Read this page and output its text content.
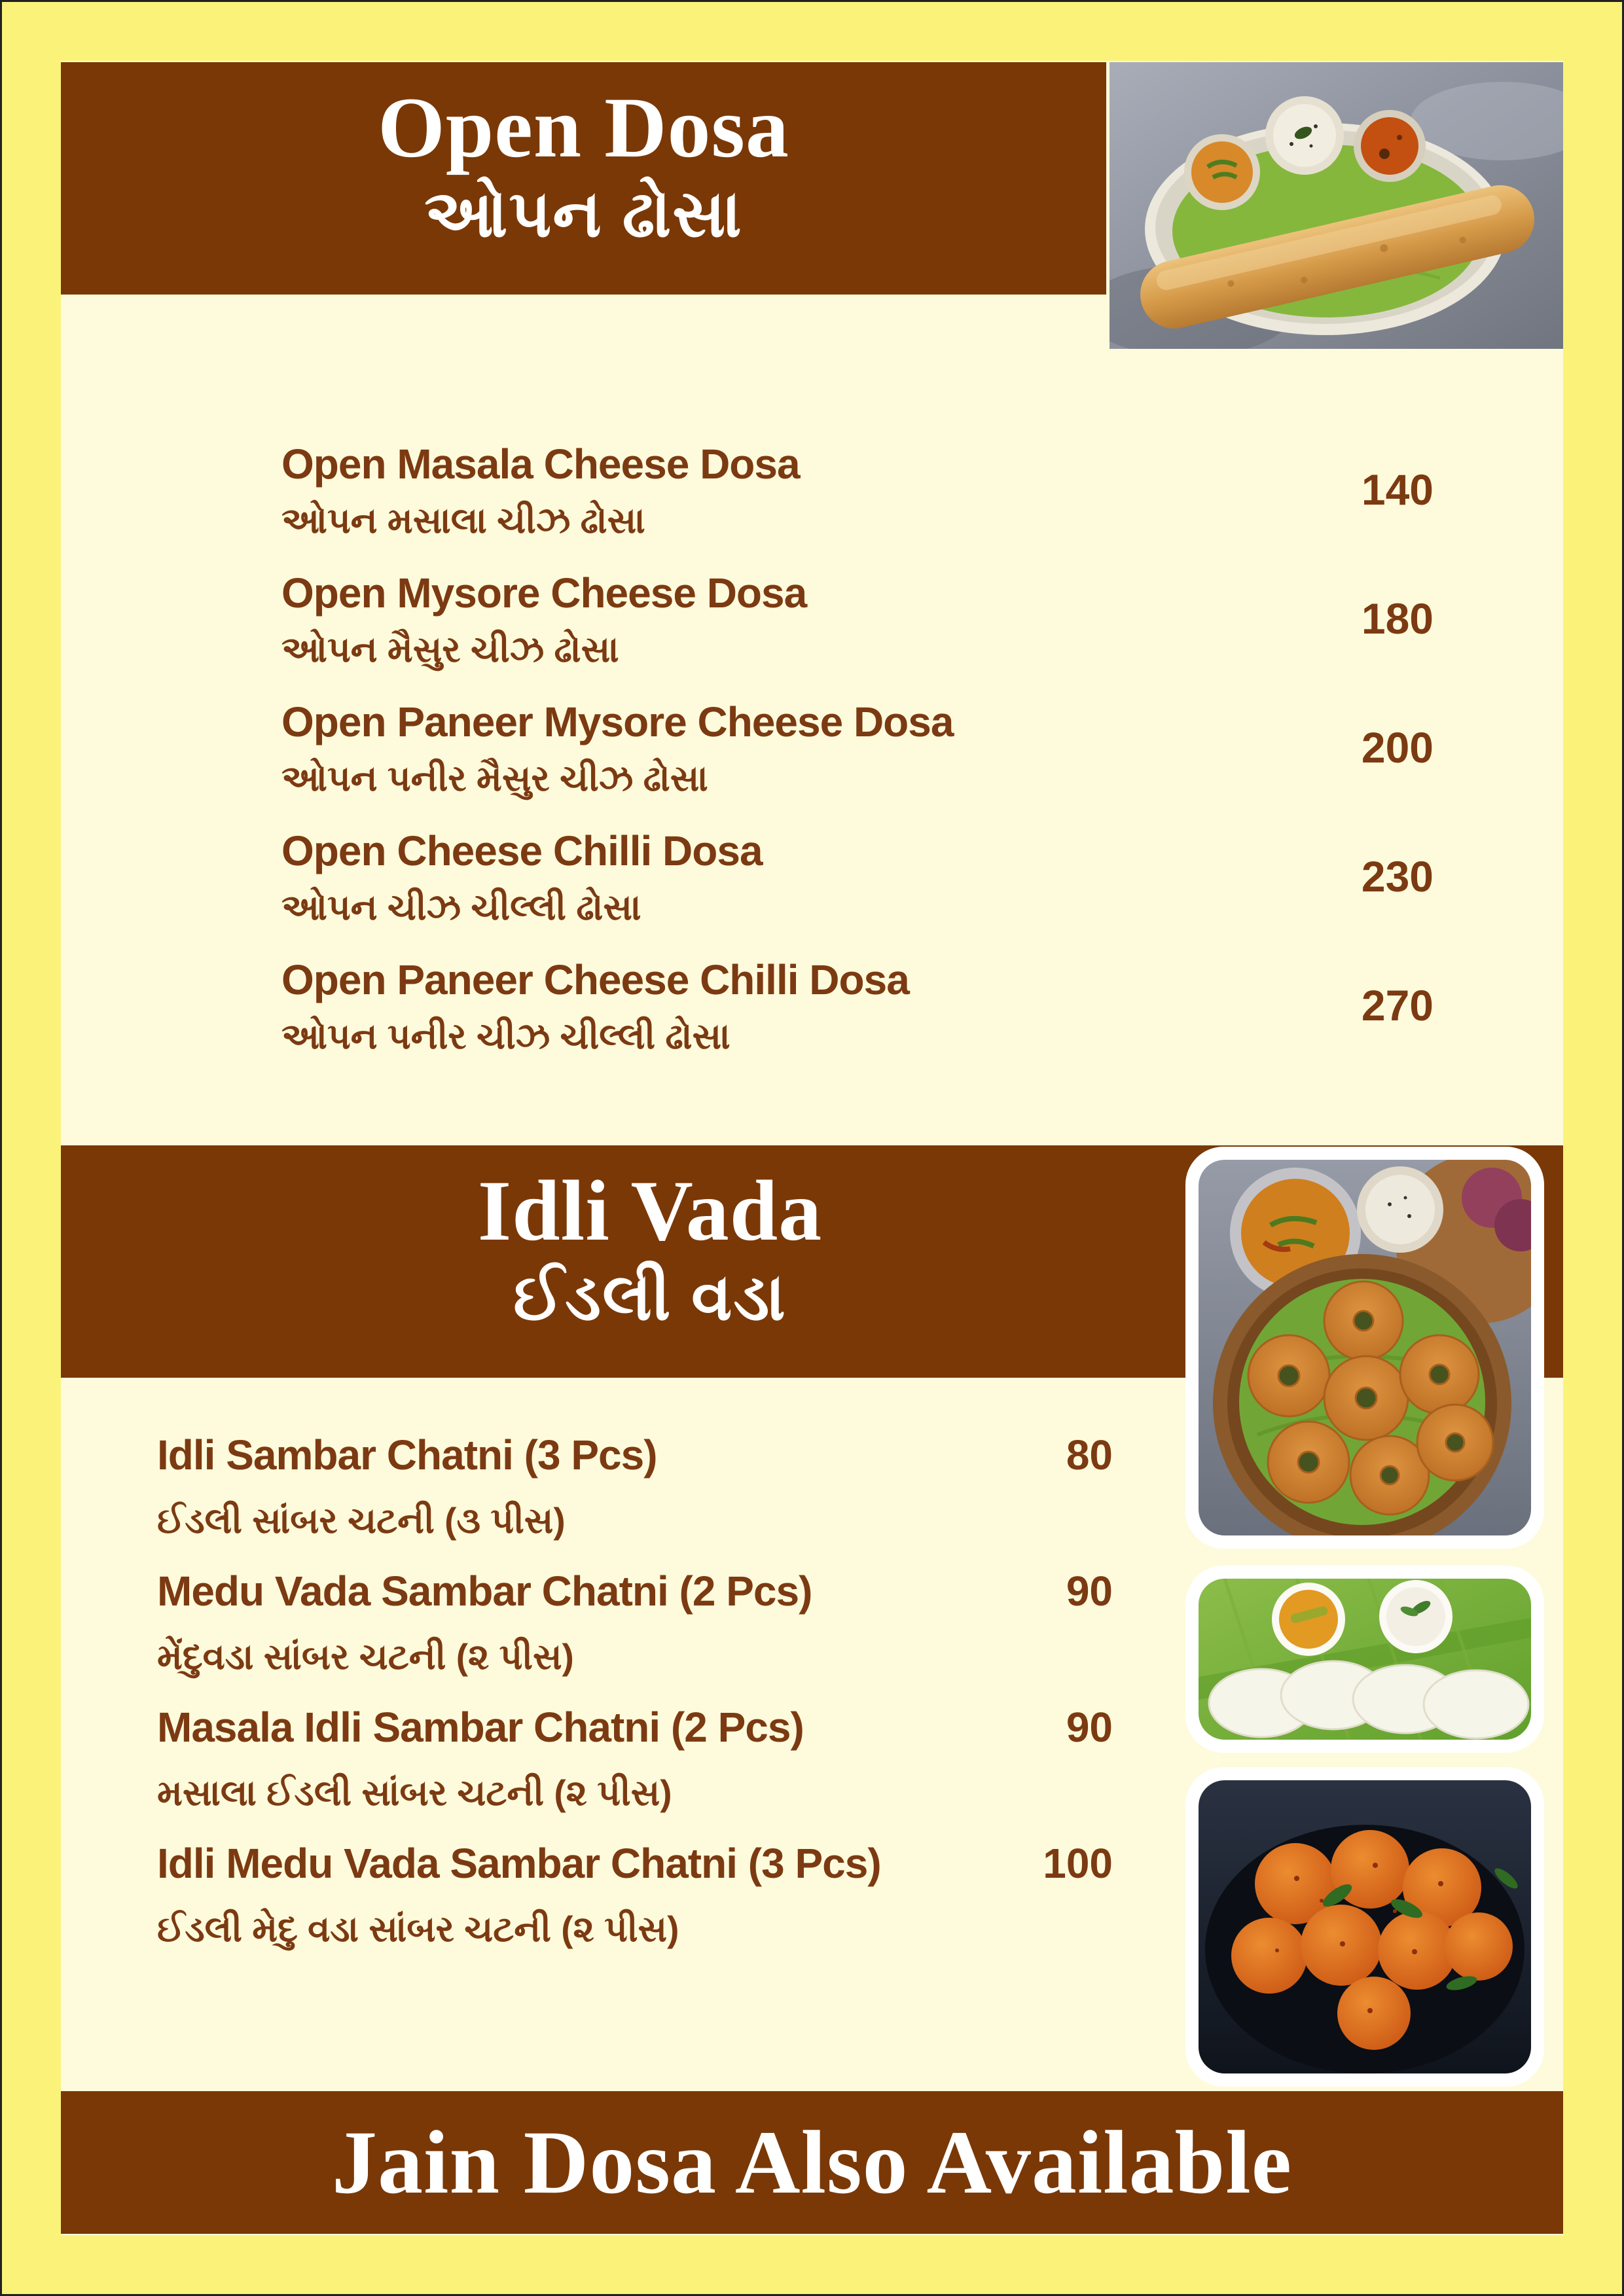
Open Dosa
ઓપન ઢોસા
Open Masala Cheese Dosa
ઓપન મસાલા ચીઝ ઢોસા
140
Open Mysore Cheese Dosa
ઓપન મૈસુર ચીઝ ઢોસા
180
Open Paneer Mysore Cheese Dosa
ઓપન પનીર મૈસુર ચીઝ ઢોસા
200
Open Cheese Chilli Dosa
ઓપન ચીઝ ચીલ્લી ઢોસા
230
Open Paneer Cheese Chilli Dosa
ઓપન પનીર ચીઝ ચીલ્લી ઢોસા
270
Idli Vada
ઈડલી વડા
Idli Sambar Chatni (3 Pcs)
ઈડલી સાંબર ચટની (૩ પીસ)
80
Medu Vada Sambar Chatni (2 Pcs)
મેંદુવડા સાંબર ચટની (૨ પીસ)
90
Masala Idli Sambar Chatni (2 Pcs)
મસાલા ઈડલી સાંબર ચટની (૨ પીસ)
90
Idli Medu Vada Sambar Chatni (3 Pcs)
ઈડલી મેદુ વડા સાંબર ચટની (૨ પીસ)
100
Jain Dosa Also Available
